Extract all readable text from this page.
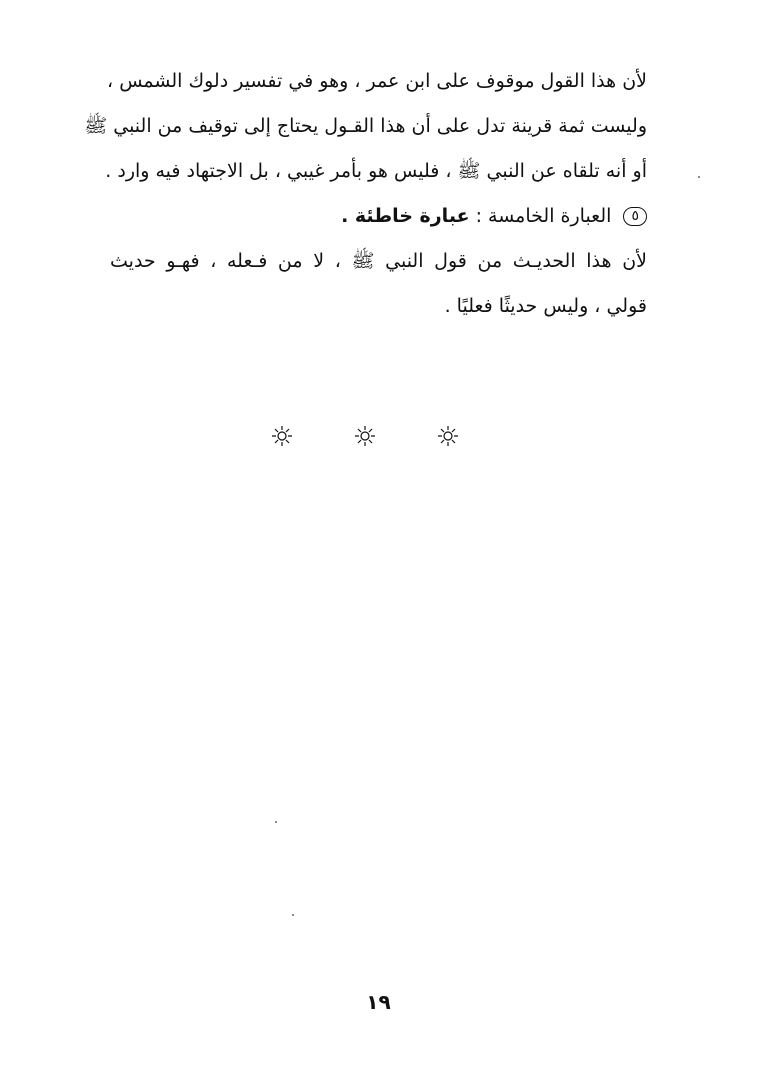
لأن هذا القول موقوف على ابن عمر ، وهو في تفسير دلوك الشمس ،
وليست ثمة قرينة تدل على أن هذا القـول يحتاج إلى توقيف من النبي ﷺ
أو أنه تلقاه عن النبي ﷺ ، فليس هو بأمر غيبي ، بل الاجتهاد فيه وارد .
٥ العبارة الخامسة : عبارة خاطئة .
لأن هذا الحديـث من قول النبي ﷺ ، لا من فـعله ، فهـو حديث
قولي ، وليس حديثًا فعليًا .
١٩
